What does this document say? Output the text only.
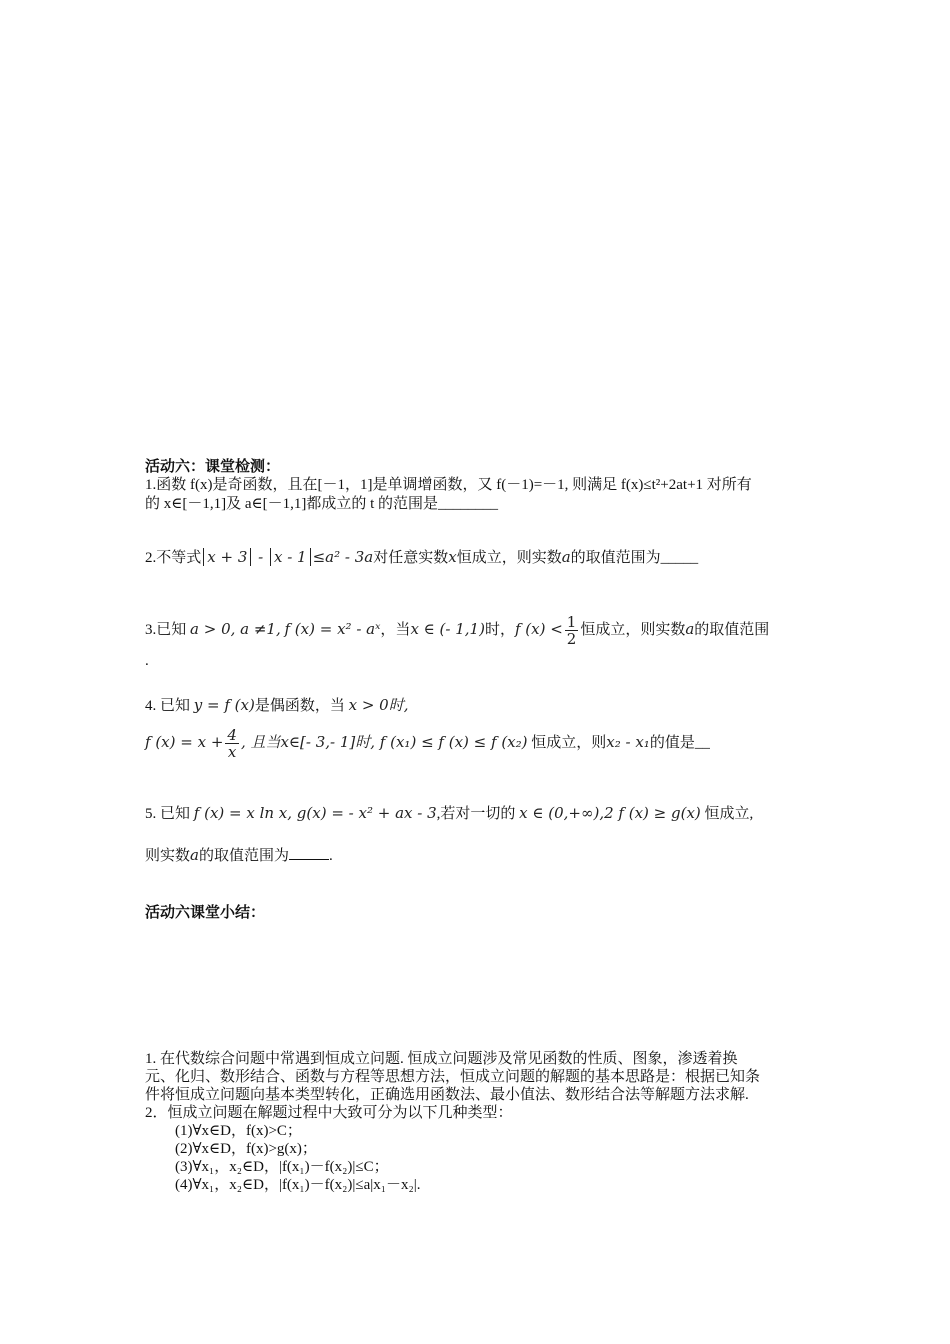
活动六：课堂检测：
1.函数 f(x)是奇函数，且在[－1，1]是单调增函数，又 f(－1)=－1, 则满足 f(x)≤t²+2at+1 对所有
的 x∈[－1,1]及 a∈[－1,1]都成立的 t 的范围是________
2.不等式 x + 3 - x - 1 ≤a² - 3a对任意实数x恒成立，则实数a的取值范围为_____
3.已知 a > 0, a ≠1, f (x) = x² - aˣ，当x ∈ (- 1,1)时，f $(x) < \frac{1}{2}$ 恒成立，则实数a的取值范围
.
4. 已知 y = f (x)是偶函数，当 x > 0时,
f $(x) = x + \frac{4}{x}$ , 且当x∈[- 3,- 1]时, f (x₁) ≤ f (x) ≤ f (x₂) 恒成立，则x₂ - x₁的值是__
5. 已知 f (x) = x ln x, g(x) = - x² + ax - 3,若对一切的 x ∈ (0,+∞),2 f (x) ≥ g(x) 恒成立,
则实数a的取值范围为	.
活动六课堂小结：
1. 在代数综合问题中常遇到恒成立问题. 恒成立问题涉及常见函数的性质、图象，渗透着换
元、化归、数形结合、函数与方程等思想方法，恒成立问题的解题的基本思路是：根据已知条
件将恒成立问题向基本类型转化，正确选用函数法、最小值法、数形结合法等解题方法求解.
2．恒成立问题在解题过程中大致可分为以下几种类型：
(1)∀x∈D，f(x)>C；
(2)∀x∈D，f(x)>g(x)；
(3)∀x₁，x₂∈D，|f(x₁)－f(x₂)|≤C；
(4)∀x₁，x₂∈D，|f(x₁)－f(x₂)|≤a|x₁－x₂|.
